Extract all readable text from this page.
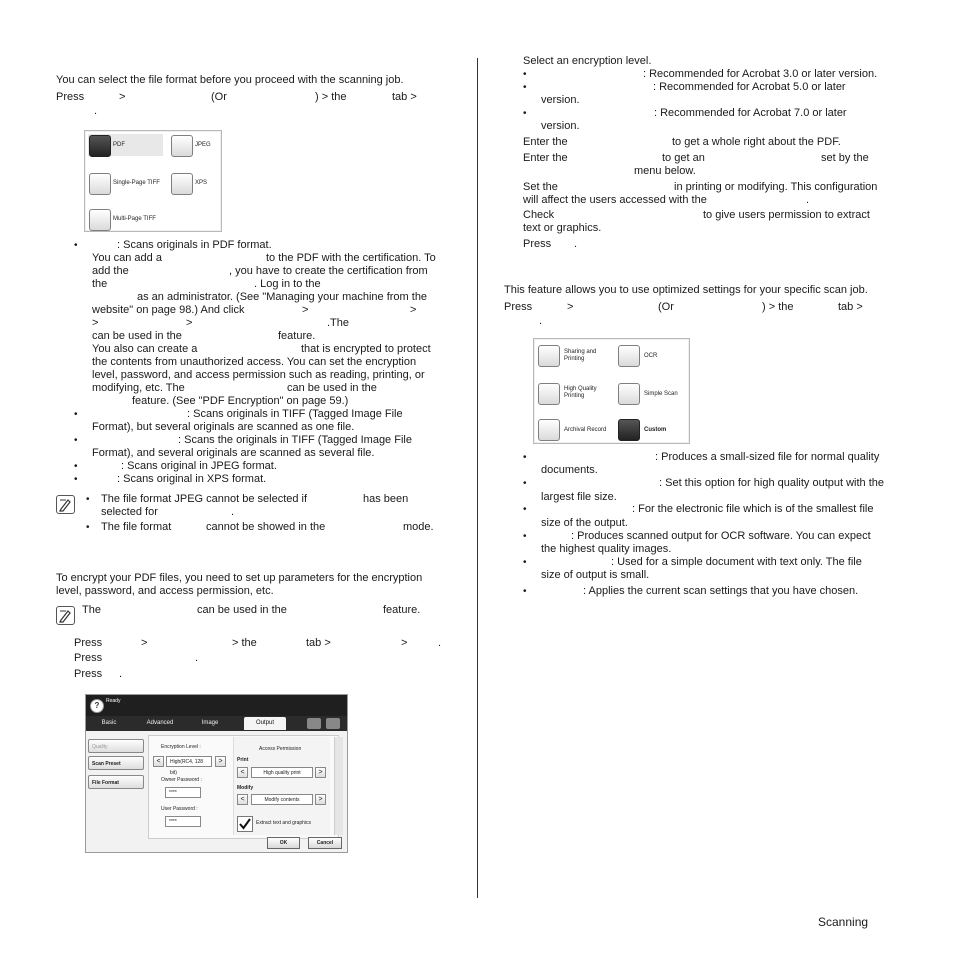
You can select the file format before you proceed with the scanning job.
Press	>	(Or	) > the	tab >
.
PDF	JPEG
Single-Page TIFF	XPS
Multi-Page TIFF
•	: Scans originals in PDF format.
You can add a	to the PDF with the certification. To
add the	, you have to create the certification from
the	. Log in to the
as an administrator. (See "Managing your machine from the
website" on page 98.) And click	>	>
>	>	.The
can be used in the	feature.
You also can create a	that is encrypted to protect
the contents from unauthorized access. You can set the encryption
level, password, and access permission such as reading, printing, or
modifying, etc. The	can be used in the
feature. (See "PDF Encryption" on page 59.)
•	: Scans originals in TIFF (Tagged Image File
Format), but several originals are scanned as one file.
•	: Scans the originals in TIFF (Tagged Image File
Format), and several originals are scanned as several file.
•	: Scans original in JPEG format.
•	: Scans original in XPS format.
• The file format JPEG cannot be selected if	has been
selected for	.
• The file format	cannot be showed in the	mode.
To encrypt your PDF files, you need to set up parameters for the encryption
level, password, and access permission, etc.
The	can be used in the	feature.
Press	>	> the	tab >	>	.
Press	.
Press .
?	Ready
Basic	Advanced	Image	Output
Quality
Scan Preset
File Format
Encryption Level :
<	High(RC4, 128 bit)
>
Owner Password :
****
User Password :
****
Access Permission
Print
<	High quality print	>
Modify
<	Modify contents	>
Extract text and graphics
OK	Cancel
Select an encryption level.
•	: Recommended for Acrobat 3.0 or later version.
•	: Recommended for Acrobat 5.0 or later
version.
•	: Recommended for Acrobat 7.0 or later
version.
Enter the	to get a whole right about the PDF.
Enter the	to get an	set by the
menu below.
Set the	in printing or modifying. This configuration
will affect the users accessed with the	.
Check	to give users permission to extract
text or graphics.
Press .
This feature allows you to use optimized settings for your specific scan job.
Press	>	(Or	) > the	tab >
.
Sharing and Printing	OCR
High Quality Printing	Simple Scan
Archival Record	Custom
•	: Produces a small-sized file for normal quality
documents.
•	: Set this option for high quality output with the
largest file size.
•	: For the electronic file which is of the smallest file
size of the output.
•	: Produces scanned output for OCR software. You can expect
the highest quality images.
•	: Used for a simple document with text only. The file
size of output is small.
•	: Applies the current scan settings that you have chosen.
Scanning
